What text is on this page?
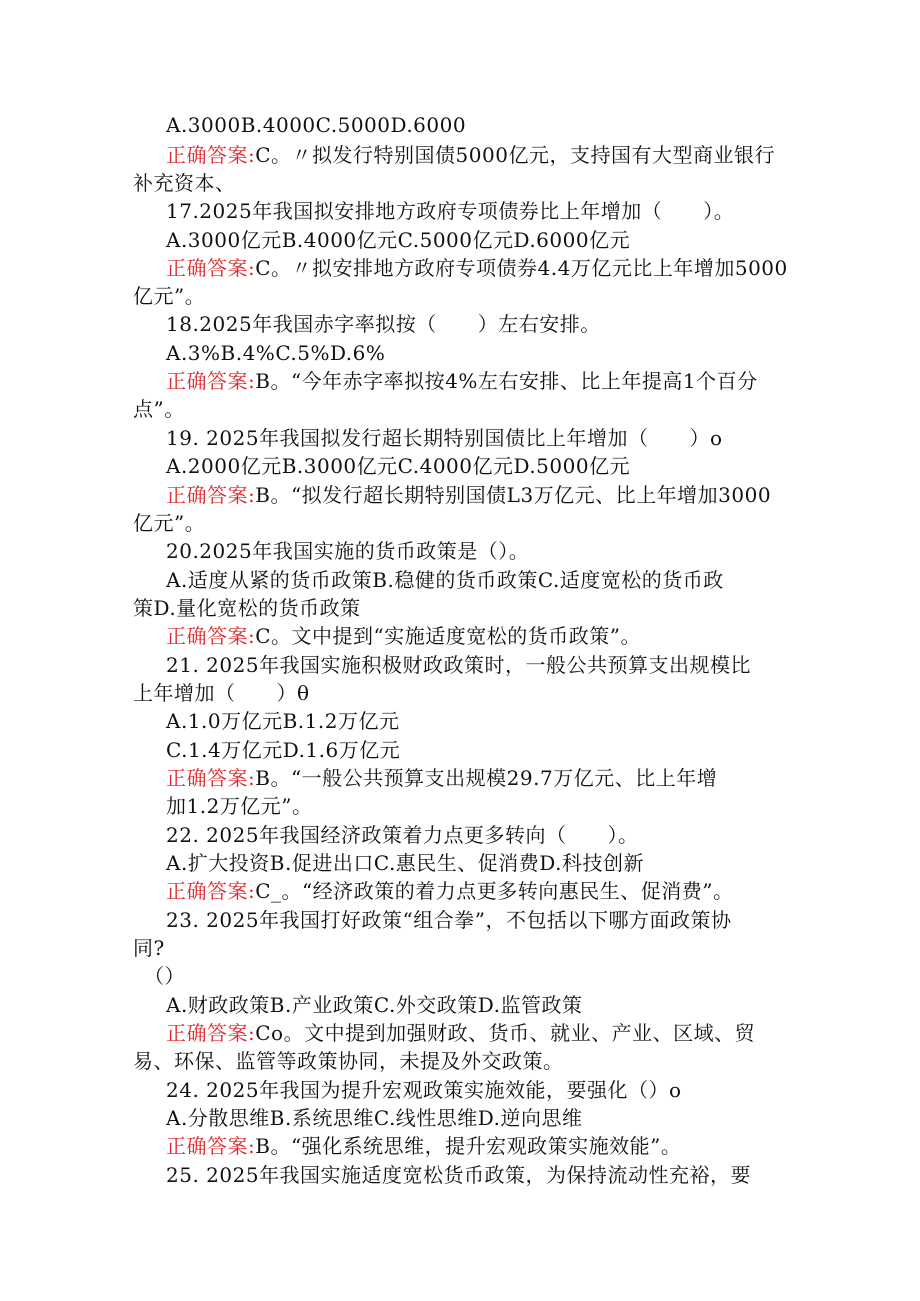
A.3000B.4000C.5000D.6000
正确答案:C。〃拟发行特别国债5000亿元，支持国有大型商业银行
补充资本、
17.2025年我国拟安排地方政府专项债券比上年增加（　　）。
A.3000亿元B.4000亿元C.5000亿元D.6000亿元
正确答案:C。〃拟安排地方政府专项债券4.4万亿元比上年增加5000
亿元”。
18.2025年我国赤字率拟按（　　）左右安排。
A.3%B.4%C.5%D.6%
正确答案:B。“今年赤字率拟按4%左右安排、比上年提高1个百分
点”。
19. 2025年我国拟发行超长期特别国债比上年增加（　　）o
A.2000亿元B.3000亿元C.4000亿元D.5000亿元
正确答案:B。“拟发行超长期特别国债L3万亿元、比上年增加3000
亿元”。
20.2025年我国实施的货币政策是（）。
A.适度从紧的货币政策B.稳健的货币政策C.适度宽松的货币政
策D.量化宽松的货币政策
正确答案:C。文中提到“实施适度宽松的货币政策”。
21. 2025年我国实施积极财政政策时，一般公共预算支出规模比
上年增加（　　）θ
A.1.0万亿元B.1.2万亿元
C.1.4万亿元D.1.6万亿元
正确答案:B。“一般公共预算支出规模29.7万亿元、比上年增
加1.2万亿元”。
22. 2025年我国经济政策着力点更多转向（　　）。
A.扩大投资B.促进出口C.惠民生、促消费D.科技创新
正确答案:C_。“经济政策的着力点更多转向惠民生、促消费”。
23. 2025年我国打好政策“组合拳”，不包括以下哪方面政策协
同?
（）
A.财政政策B.产业政策C.外交政策D.监管政策
正确答案:Co。文中提到加强财政、货币、就业、产业、区域、贸
易、环保、监管等政策协同，未提及外交政策。
24. 2025年我国为提升宏观政策实施效能，要强化（）o
A.分散思维B.系统思维C.线性思维D.逆向思维
正确答案:B。“强化系统思维，提升宏观政策实施效能”。
25. 2025年我国实施适度宽松货币政策，为保持流动性充裕，要
